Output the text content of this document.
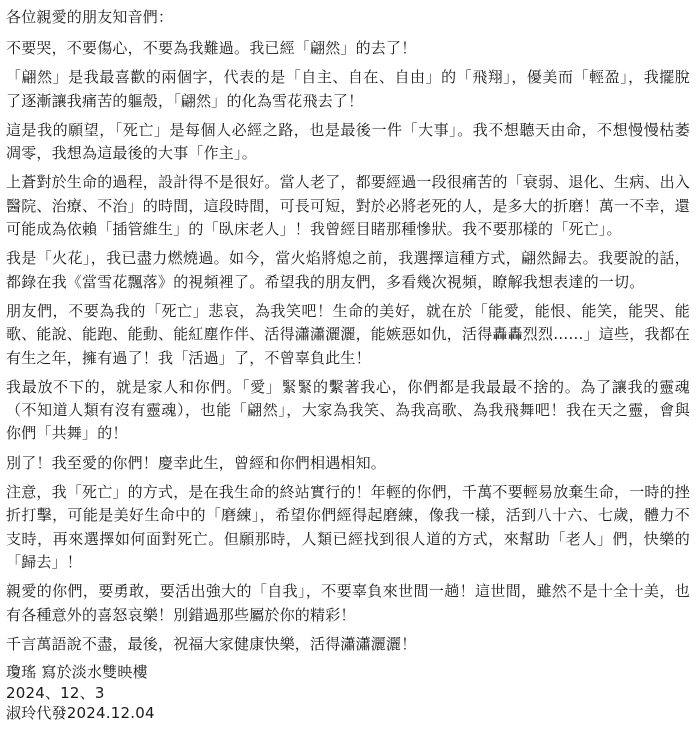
各位親愛的朋友知音們：

不要哭，不要傷心，不要為我難過。我已經「翩然」的去了！

「翩然」是我最喜歡的兩個字，代表的是「自主、自在、自由」的「飛翔」，優美而「輕盈」，我擺脫了逐漸讓我痛苦的軀殼，「翩然」的化為雪花飛去了！

這是我的願望，「死亡」是每個人必經之路，也是最後一件「大事」。我不想聽天由命，不想慢慢枯萎凋零，我想為這最後的大事「作主」。

上蒼對於生命的過程，設計得不是很好。當人老了，都要經過一段很痛苦的「衰弱、退化、生病、出入醫院、治療、不治」的時間，這段時間，可長可短，對於必將老死的人，是多大的折磨！萬一不幸，還可能成為依賴「插管維生」的「臥床老人」！我曾經目睹那種慘狀。我不要那樣的「死亡」。

我是「火花」，我已盡力燃燒過。如今，當火焰將熄之前，我選擇這種方式，翩然歸去。我要說的話，都錄在我《當雪花飄落》的視頻裡了。希望我的朋友們，多看幾次視頻，瞭解我想表達的一切。

朋友們，不要為我的「死亡」悲哀，為我笑吧！生命的美好，就在於「能愛，能恨、能笑，能哭、能歌、能說、能跑、能動、能紅塵作伴、活得瀟瀟灑灑，能嫉惡如仇，活得轟轟烈烈……」這些，我都在有生之年，擁有過了！我「活過」了，不曾辜負此生！

我最放不下的，就是家人和你們。「愛」緊緊的繫著我心，你們都是我最最不捨的。為了讓我的靈魂（不知道人類有沒有靈魂），也能「翩然」，大家為我笑、為我高歌、為我飛舞吧！我在天之靈，會與你們「共舞」的！

別了！我至愛的你們！慶幸此生，曾經和你們相遇相知。

注意，我「死亡」的方式，是在我生命的終站實行的！年輕的你們，千萬不要輕易放棄生命，一時的挫折打擊，可能是美好生命中的「磨練」，希望你們經得起磨練，像我一樣，活到八十六、七歲，體力不支時，再來選擇如何面對死亡。但願那時，人類已經找到很人道的方式，來幫助「老人」們，快樂的「歸去」！

親愛的你們，要勇敢，要活出強大的「自我」，不要辜負來世間一趟！這世間，雖然不是十全十美，也有各種意外的喜怒哀樂！別錯過那些屬於你的精彩！

千言萬語說不盡，最後，祝福大家健康快樂，活得瀟瀟灑灑！

瓊瑤 寫於淡水雙映樓
2024、12、3
淑玲代發2024.12.04
